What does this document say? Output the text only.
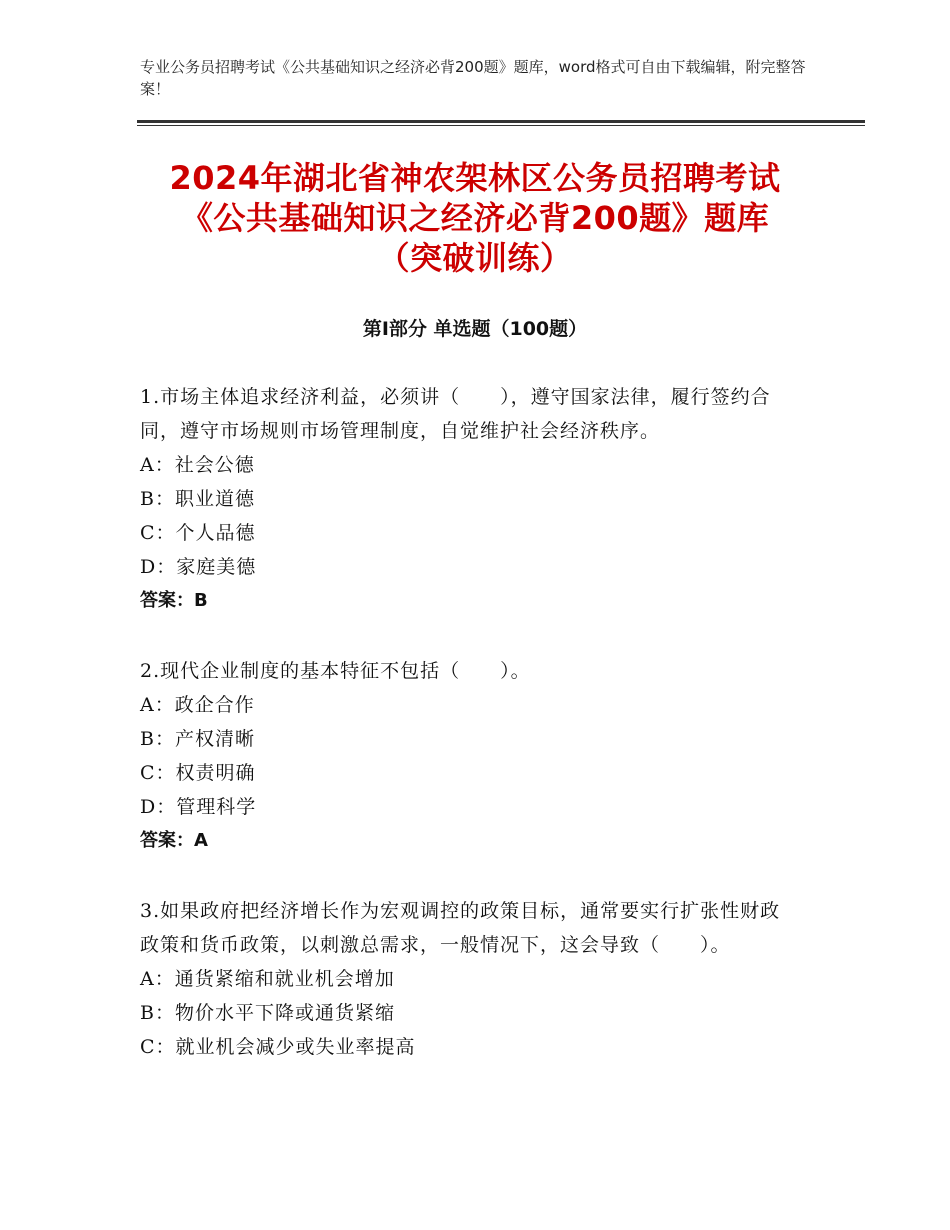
专业公务员招聘考试《公共基础知识之经济必背200题》题库，word格式可自由下载编辑，附完整答案！
2024年湖北省神农架林区公务员招聘考试
《公共基础知识之经济必背200题》题库
（突破训练）
第Ⅰ部分 单选题（100题）
1.市场主体追求经济利益，必须讲（　　），遵守国家法律，履行签约合同，遵守市场规则市场管理制度，自觉维护社会经济秩序。
A：社会公德
B：职业道德
C：个人品德
D：家庭美德
答案：B
2.现代企业制度的基本特征不包括（　　）。
A：政企合作
B：产权清晰
C：权责明确
D：管理科学
答案：A
3.如果政府把经济增长作为宏观调控的政策目标，通常要实行扩张性财政政策和货币政策，以刺激总需求，一般情况下，这会导致（　　）。
A：通货紧缩和就业机会增加
B：物价水平下降或通货紧缩
C：就业机会减少或失业率提高
